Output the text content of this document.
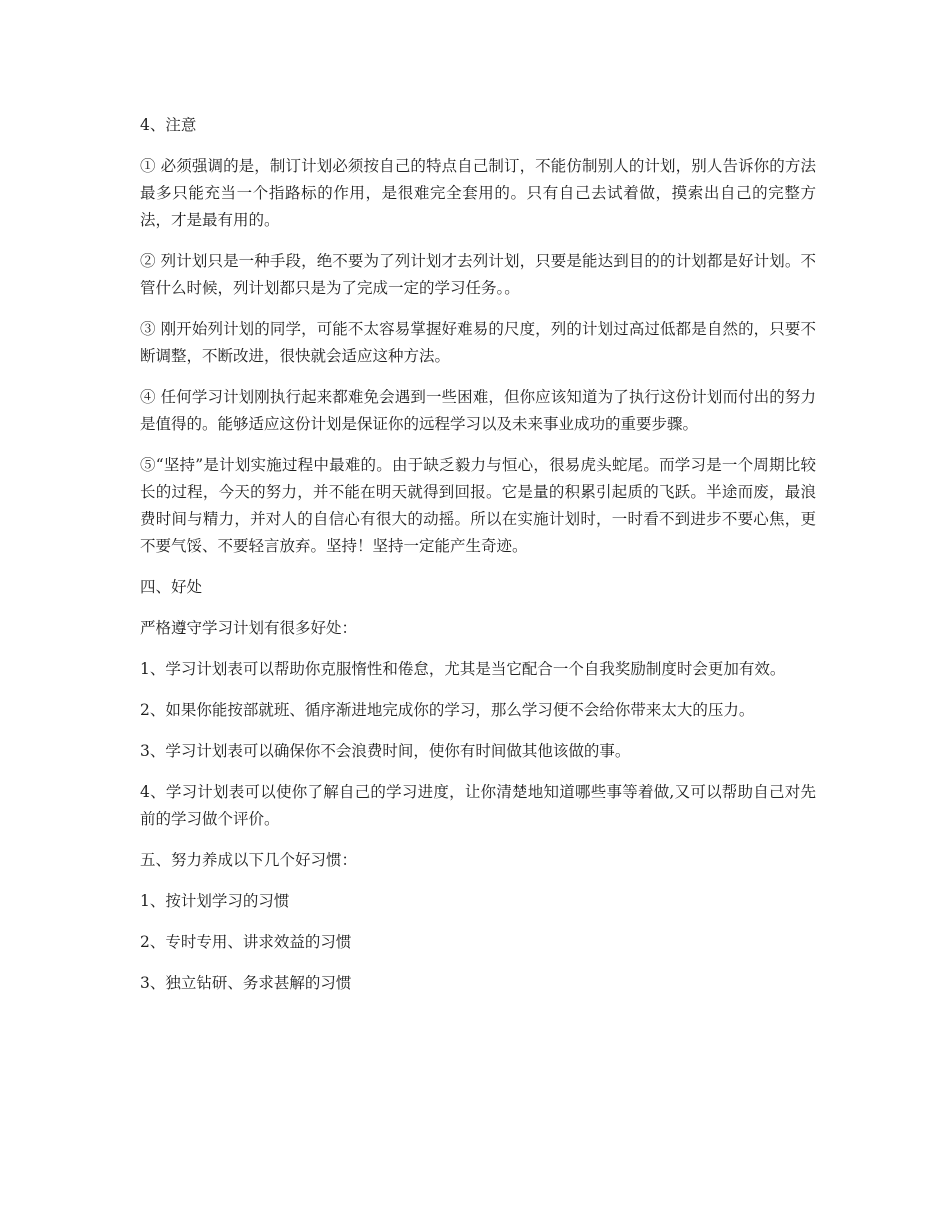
4、注意

① 必须强调的是，制订计划必须按自己的特点自己制订，不能仿制别人的计划，别人告诉你的方法最多只能充当一个指路标的作用，是很难完全套用的。只有自己去试着做，摸索出自己的完整方法，才是最有用的。

② 列计划只是一种手段，绝不要为了列计划才去列计划，只要是能达到目的的计划都是好计划。不管什么时候，列计划都只是为了完成一定的学习任务。。

③ 刚开始列计划的同学，可能不太容易掌握好难易的尺度，列的计划过高过低都是自然的，只要不断调整，不断改进，很快就会适应这种方法。

④ 任何学习计划刚执行起来都难免会遇到一些困难，但你应该知道为了执行这份计划而付出的努力是值得的。能够适应这份计划是保证你的远程学习以及未来事业成功的重要步骤。

⑤“坚持”是计划实施过程中最难的。由于缺乏毅力与恒心，很易虎头蛇尾。而学习是一个周期比较长的过程，今天的努力，并不能在明天就得到回报。它是量的积累引起质的飞跃。半途而废，最浪费时间与精力，并对人的自信心有很大的动摇。所以在实施计划时，一时看不到进步不要心焦，更不要气馁、不要轻言放弃。坚持！坚持一定能产生奇迹。

四、好处

严格遵守学习计划有很多好处：

1、学习计划表可以帮助你克服惰性和倦怠，尤其是当它配合一个自我奖励制度时会更加有效。

2、如果你能按部就班、循序渐进地完成你的学习，那么学习便不会给你带来太大的压力。

3、学习计划表可以确保你不会浪费时间，使你有时间做其他该做的事。

4、学习计划表可以使你了解自己的学习进度，让你清楚地知道哪些事等着做,又可以帮助自己对先前的学习做个评价。

五、努力养成以下几个好习惯：

1、按计划学习的习惯

2、专时专用、讲求效益的习惯

3、独立钻研、务求甚解的习惯
